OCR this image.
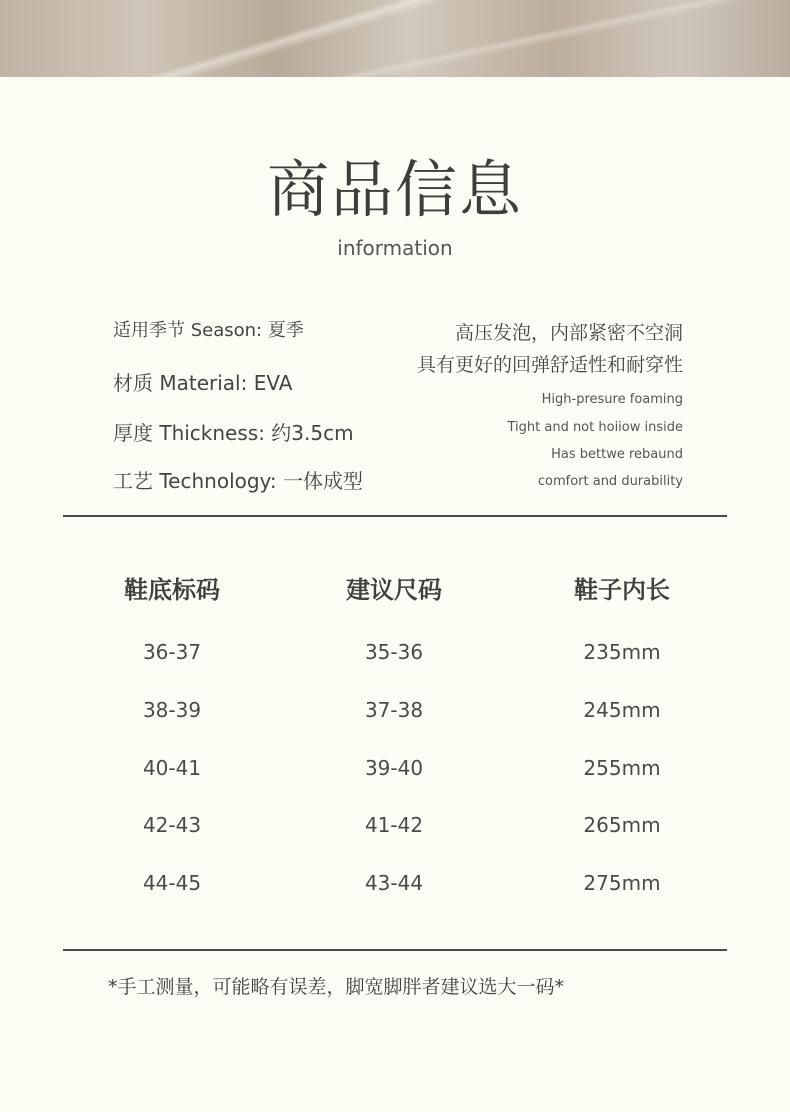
商品信息
information
适用季节 Season: 夏季
材质 Material: EVA
厚度 Thickness: 约3.5cm
工艺 Technology: 一体成型
高压发泡，内部紧密不空洞
具有更好的回弹舒适性和耐穿性
High-presure foaming
Tight and not hoiiow inside
Has bettwe rebaund
comfort and durability
鞋底标码	建议尺码	鞋子内长
36-37	35-36	235mm
38-39	37-38	245mm
40-41	39-40	255mm
42-43	41-42	265mm
44-45	43-44	275mm
*手工测量，可能略有误差，脚宽脚胖者建议选大一码*
